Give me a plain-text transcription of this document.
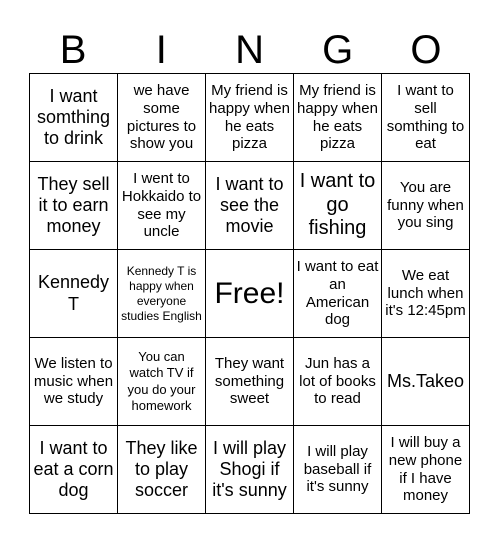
B	I	N	G	O
I want somthing to drink
we have some pictures to show you
My friend is happy when he eats pizza
My friend is happy when he eats pizza
I want to sell somthing to eat
They sell it to earn money
I went to Hokkaido to see my uncle
I want to see the movie
I want to go fishing
You are funny when you sing
Kennedy T
Kennedy T is happy when everyone studies English
Free!
I want to eat an American dog
We eat lunch when it's 12:45pm
We listen to music when we study
You can watch TV if you do your homework
They want something sweet
Jun has a lot of books to read
Ms.Takeo
I want to eat a corn dog
They like to play soccer
I will play Shogi if it's sunny
I will play baseball if it's sunny
I will buy a new phone if I have money
